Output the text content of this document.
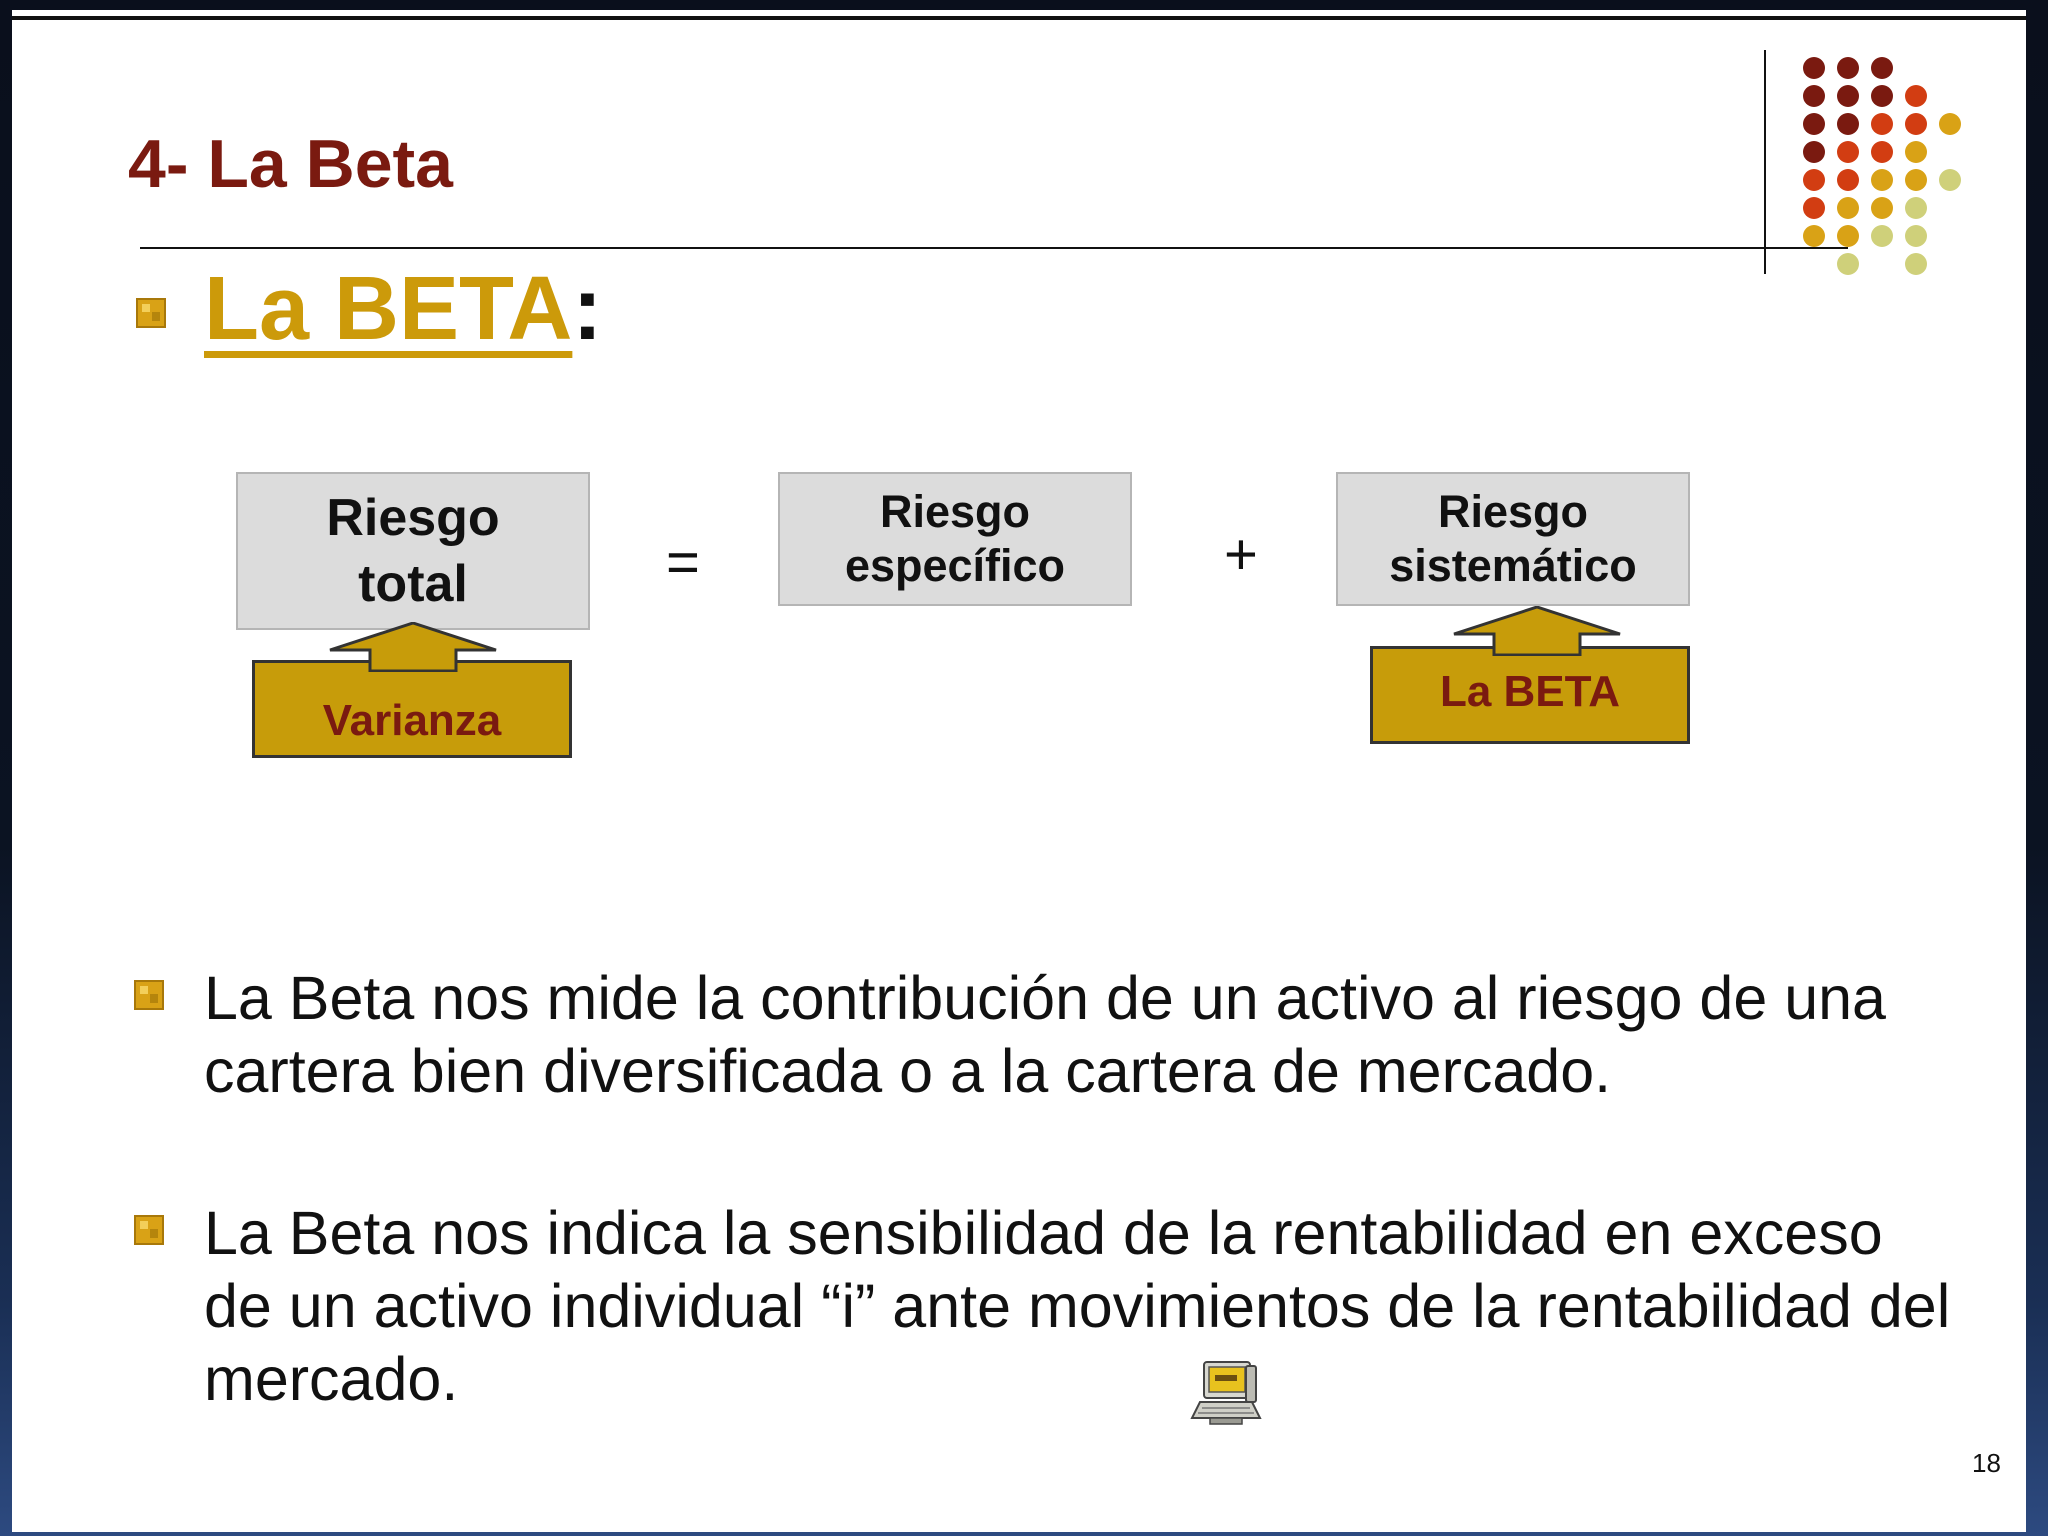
4- La Beta
La BETA:
Riesgo
total	=
Riesgo
específico	+
Riesgo
sistemático
Varianza
La BETA
La Beta nos mide la contribución de un activo al riesgo de una cartera bien diversificada o a la cartera de mercado.
La Beta nos indica la sensibilidad de la rentabilidad en exceso de un activo individual “i” ante movimientos de la rentabilidad del mercado.
18
